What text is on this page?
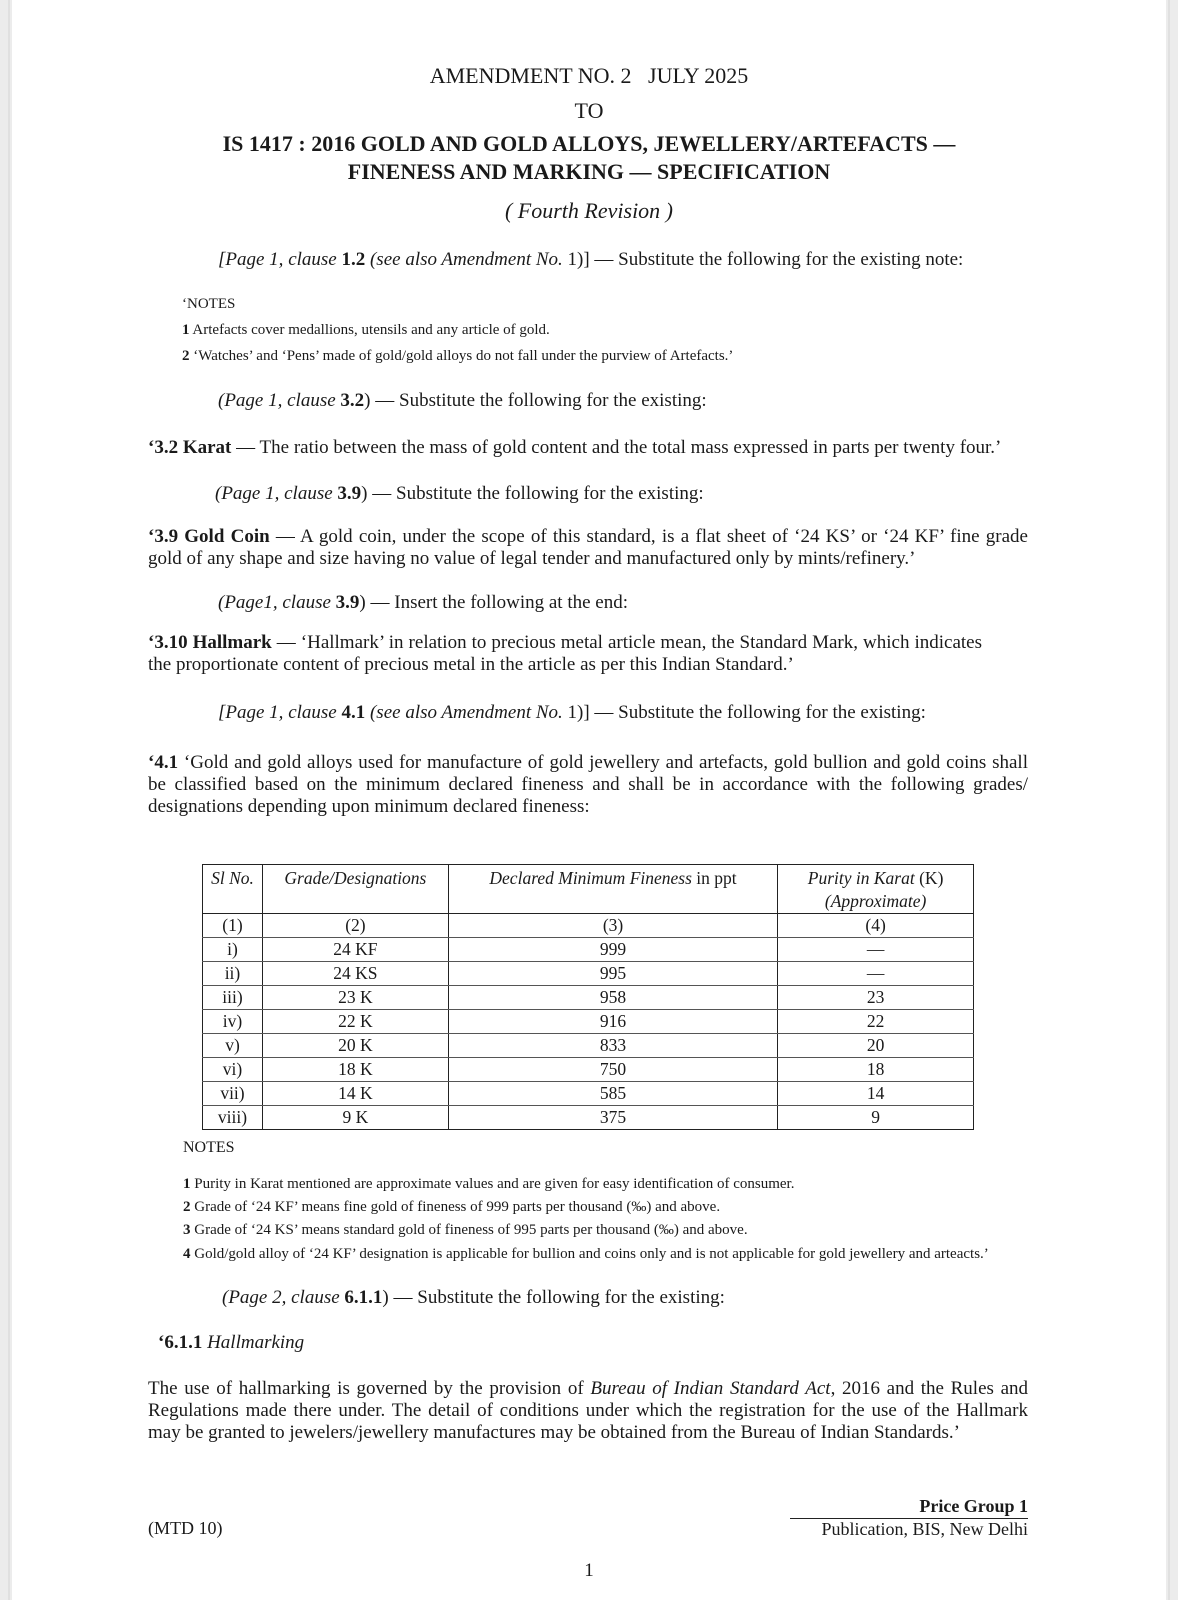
AMENDMENT NO. 2   JULY 2025
TO
IS 1417 : 2016 GOLD AND GOLD ALLOYS, JEWELLERY/ARTEFACTS —
FINENESS AND MARKING — SPECIFICATION
( Fourth Revision )
[Page 1, clause 1.2 (see also Amendment No. 1)] — Substitute the following for the existing note:
‘NOTES
1 Artefacts cover medallions, utensils and any article of gold.
2 ‘Watches’ and ‘Pens’ made of gold/gold alloys do not fall under the purview of Artefacts.’
(Page 1, clause 3.2) — Substitute the following for the existing:
‘3.2 Karat — The ratio between the mass of gold content and the total mass expressed in parts per twenty four.’
(Page 1, clause 3.9) — Substitute the following for the existing:
‘3.9 Gold Coin — A gold coin, under the scope of this standard, is a flat sheet of ‘24 KS’ or ‘24 KF’ fine grade gold of any shape and size having no value of legal tender and manufactured only by mints/refinery.’
(Page1, clause 3.9) — Insert the following at the end:
‘3.10 Hallmark — ‘Hallmark’ in relation to precious metal article mean, the Standard Mark, which indicates the proportionate content of precious metal in the article as per this Indian Standard.’
[Page 1, clause 4.1 (see also Amendment No. 1)] — Substitute the following for the existing:
‘4.1 ‘Gold and gold alloys used for manufacture of gold jewellery and artefacts, gold bullion and gold coins shall be classified based on the minimum declared fineness and shall be in accordance with the following grades/ designations depending upon minimum declared fineness:
Sl No.	Grade/Designations	Declared Minimum Fineness in ppt	Purity in Karat (K)
(Approximate)
(1)	(2)	(3)	(4)
i)	24 KF	999	—
ii)	24 KS	995	—
iii)	23 K	958	23
iv)	22 K	916	22
v)	20 K	833	20
vi)	18 K	750	18
vii)	14 K	585	14
viii)	9 K	375	9
NOTES
1 Purity in Karat mentioned are approximate values and are given for easy identification of consumer.
2 Grade of ‘24 KF’ means fine gold of fineness of 999 parts per thousand (‰) and above.
3 Grade of ‘24 KS’ means standard gold of fineness of 995 parts per thousand (‰) and above.
4 Gold/gold alloy of ‘24 KF’ designation is applicable for bullion and coins only and is not applicable for gold jewellery and arteacts.’
(Page 2, clause 6.1.1) — Substitute the following for the existing:
‘6.1.1 Hallmarking
The use of hallmarking is governed by the provision of Bureau of Indian Standard Act, 2016 and the Rules and Regulations made there under. The detail of conditions under which the registration for the use of the Hallmark may be granted to jewelers/jewellery manufactures may be obtained from the Bureau of Indian Standards.’
(MTD 10)
Price Group 1
Publication, BIS, New Delhi
1
